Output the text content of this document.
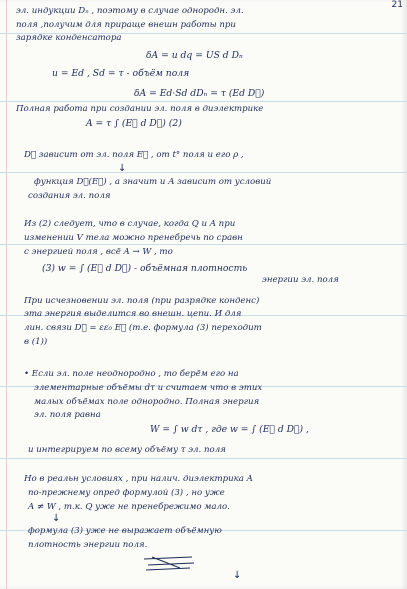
21
эл. индукции Dₙ , поэтому в случае однородн. эл.
поля ,получим для прираще внешн работы при
зарядке конденсатора
δA = u dq = US d Dₙ
u = Ed , Sd = τ - объём поля
δA = Ed·Sd dDₙ = τ (Ed D⃗)
Полная работа при создании эл. поля в диэлектрике
A = τ ∫ (E⃗ d D⃗) (2)
D⃗ зависит от эл. поля E⃗ , от t° поля и его ρ ,
↓
функция D⃗(E⃗) , а значит и A зависит от условий
создания эл. поля
Из (2) следует, что в случае, когда Q и A при
изменении V тела можно пренебречь по сравн
с энергией поля , всё A → W , то
(3) w = ∫ (E⃗ d D⃗) - объёмная плотность
энергии эл. поля
При исчезновении эл. поля (при разрядке конденс)
эта энергия выделится во внешн. цепи. И для
лин. связи D⃗ = εε₀ E⃗ (т.е. формула (3) переходит
в (1))
• Если эл. поле неоднородно , то берём его на
элементарные объёмы dτ и считаем что в этих
малых объёмах поле однородно. Полная энергия
эл. поля равна
W = ∫ w dτ , где w = ∫ (E⃗ d D⃗) ,
и интегрируем по всему объёму τ эл. поля
Но в реальн условиях , при налич. диэлектрика A
по-прежнему опред формулой (3) , но уже
A ≠ W , т.к. Q уже не пренебрежимо мало.
↓
формула (3) уже не выражает объёмную
плотность энергии поля.
↓
